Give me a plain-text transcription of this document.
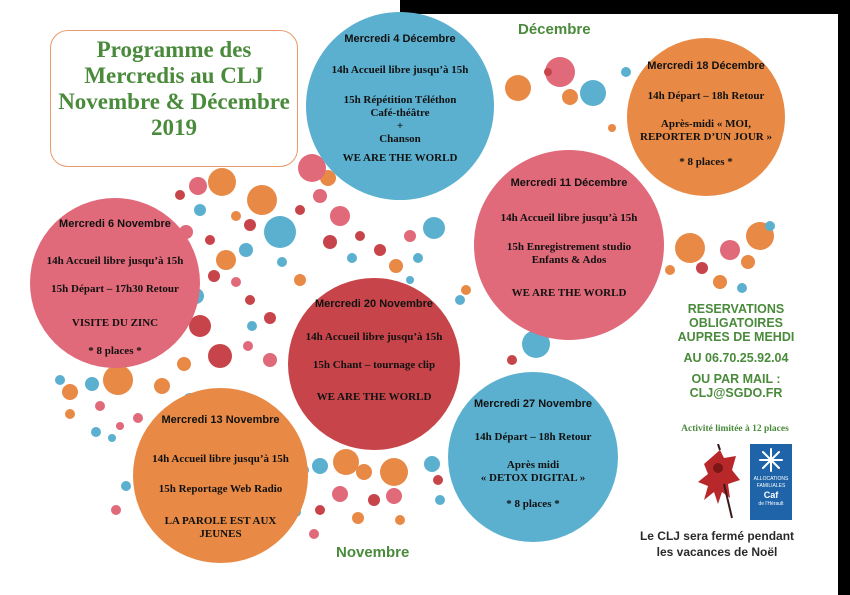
Programme des
Mercredis au CLJ
Novembre & Décembre
2019
Décembre
Novembre
Mercredi 4 Décembre
14h Accueil libre jusqu’à 15h
15h Répétition Téléthon
Café-théâtre
+
Chanson
WE ARE THE WORLD
Mercredi 18 Décembre
14h Départ – 18h Retour
Après-midi « MOI,
REPORTER D’UN JOUR »
* 8 places *
Mercredi 11 Décembre
14h Accueil libre jusqu’à 15h
15h Enregistrement studio
Enfants & Ados
WE ARE THE WORLD
Mercredi 6 Novembre
14h Accueil libre jusqu’à 15h
15h Départ – 17h30 Retour
VISITE DU ZINC
* 8 places *
Mercredi 20 Novembre
14h Accueil libre jusqu’à 15h
15h Chant – tournage clip
WE ARE THE WORLD
Mercredi 27 Novembre
14h Départ – 18h Retour
Après midi
« DETOX DIGITAL »
* 8 places *
Mercredi 13 Novembre
14h Accueil libre jusqu’à 15h
15h Reportage Web Radio
LA PAROLE EST AUX
JEUNES
RESERVATIONS
OBLIGATOIRES
AUPRES DE MEHDI
AU 06.70.25.92.04
OU PAR MAIL :
CLJ@SGDO.FR
Activité limitée à 12 places
ALLOCATIONS
FAMILIALES
Caf
de l'Hérault
Le CLJ sera fermé pendant
les vacances de Noël
